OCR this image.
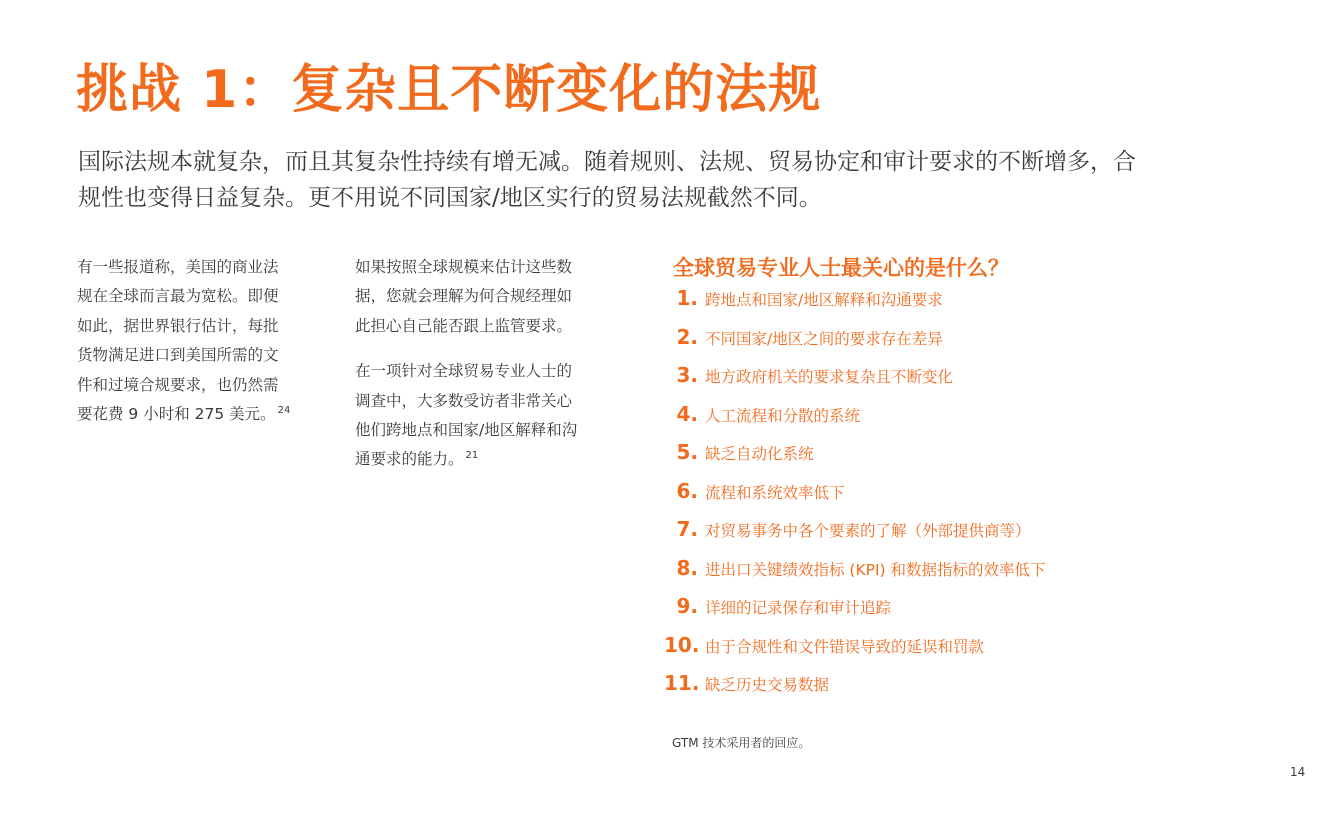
挑战 1：复杂且不断变化的法规

国际法规本就复杂，而且其复杂性持续有增无减。随着规则、法规、贸易协定和审计要求的不断增多，合规性也变得日益复杂。更不用说不同国家/地区实行的贸易法规截然不同。

有一些报道称，美国的商业法规在全球而言最为宽松。即便如此，据世界银行估计，每批货物满足进口到美国所需的文件和过境合规要求，也仍然需要花费 9 小时和 275 美元。 $^{24}$

如果按照全球规模来估计这些数据，您就会理解为何合规经理如此担心自己能否跟上监管要求。

在一项针对全球贸易专业人士的调查中，大多数受访者非常关心他们跨地点和国家/地区解释和沟通要求的能力。 $^{21}$

全球贸易专业人士最关心的是什么？
1. 跨地点和国家/地区解释和沟通要求
2. 不同国家/地区之间的要求存在差异
3. 地方政府机关的要求复杂且不断变化
4. 人工流程和分散的系统
5. 缺乏自动化系统
6. 流程和系统效率低下
7. 对贸易事务中各个要素的了解（外部提供商等）
8. 进出口关键绩效指标 (KPI) 和数据指标的效率低下
9. 详细的记录保存和审计追踪
10. 由于合规性和文件错误导致的延误和罚款
11. 缺乏历史交易数据

GTM 技术采用者的回应。

14
